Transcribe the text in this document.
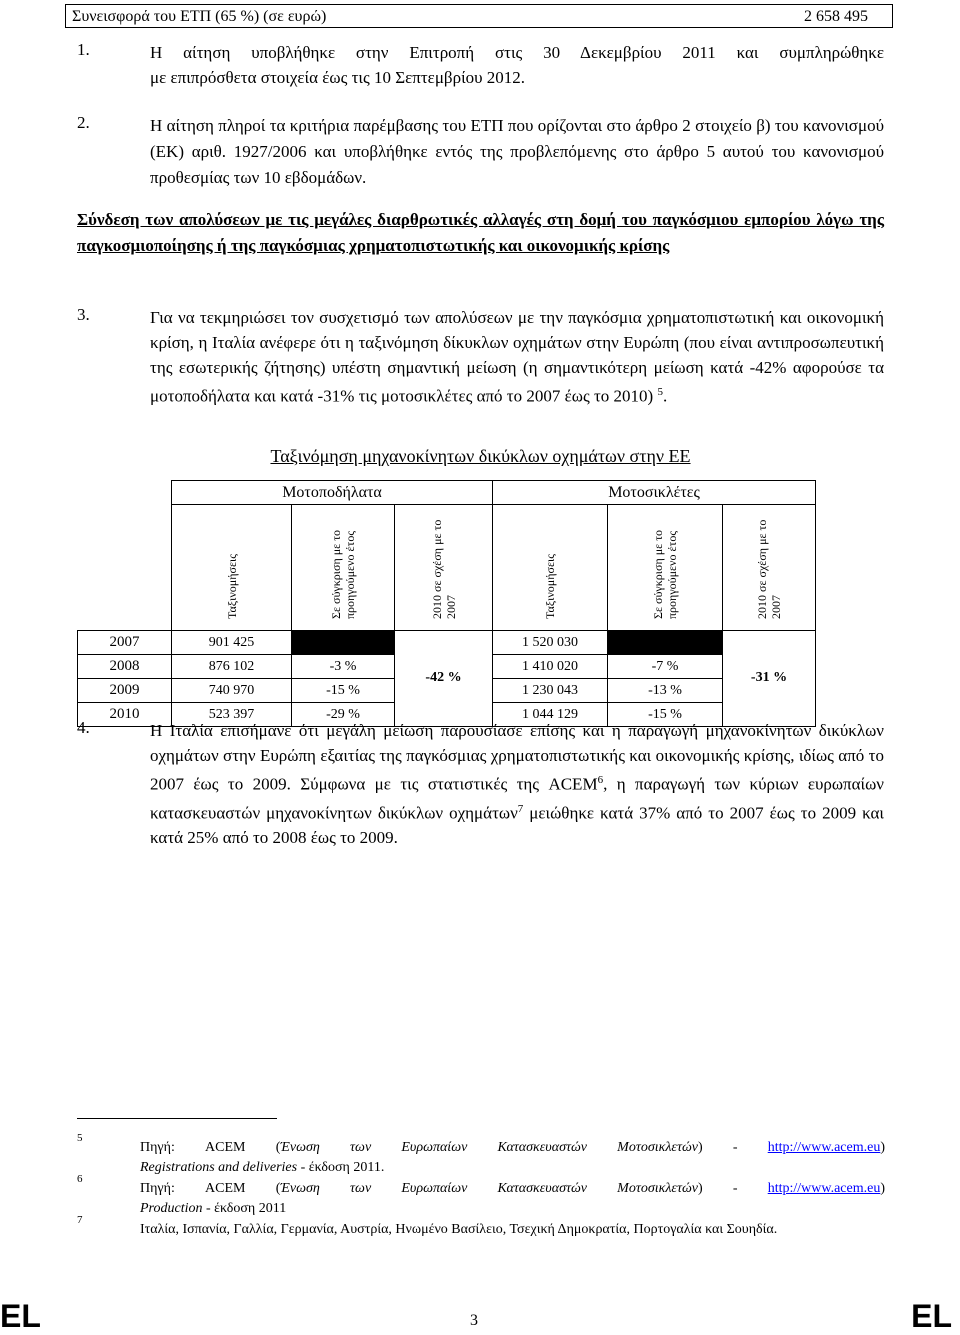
Συνεισφορά του ΕΤΠ (65 %) (σε ευρώ)	2 658 495
1.	Η αίτηση υποβλήθηκε στην Επιτροπή στις 30 Δεκεμβρίου 2011 και συμπληρώθηκε
με επιπρόσθετα στοιχεία έως τις 10 Σεπτεμβρίου 2012.
2.	Η αίτηση πληροί τα κριτήρια παρέμβασης του ΕΤΠ που ορίζονται στο άρθρο 2 στοιχείο β) του κανονισμού (ΕΚ) αριθ. 1927/2006 και υποβλήθηκε εντός της προβλεπόμενης στο άρθρο 5 αυτού του κανονισμού προθεσμίας των 10 εβδομάδων.
Σύνδεση των απολύσεων με τις μεγάλες διαρθρωτικές αλλαγές στη δομή του παγκόσμιου εμπορίου λόγω της παγκοσμιοποίησης ή της παγκόσμιας χρηματοπιστωτικής και οικονομικής κρίσης
3.	Για να τεκμηριώσει τον συσχετισμό των απολύσεων με την παγκόσμια χρηματοπιστωτική και οικονομική κρίση, η Ιταλία ανέφερε ότι η ταξινόμηση δίκυκλων οχημάτων στην Ευρώπη (που είναι αντιπροσωπευτική της εσωτερικής ζήτησης) υπέστη σημαντική μείωση (η σημαντικότερη μείωση κατά -42% αφορούσε τα μοτοποδήλατα και κατά -31% τις μοτοσικλέτες από το 2007 έως το 2010) $^5$.
Ταξινόμηση μηχανοκίνητων δικύκλων οχημάτων στην ΕΕ
	Μοτοποδήλατα			Μοτοσικλέτες		
	Ταξινομήσεις	Σε σύγκριση με το προηγούμενο έτος	2010 σε σχέση με το 2007	Ταξινομήσεις	Σε σύγκριση με το προηγούμενο έτος	2010 σε σχέση με το 2007
2007	901 425			1 520 030		
2008	876 102	-3 %	-42 %	1 410 020	-7 %	-31 %
2009	740 970	-15 %		1 230 043	-13 %	
2010	523 397	-29 %		1 044 129	-15 %	
4.	Η Ιταλία επισήμανε ότι μεγάλη μείωση παρουσίασε επίσης και η παραγωγή μηχανοκίνητων δικύκλων οχημάτων στην Ευρώπη εξαιτίας της παγκόσμιας χρηματοπιστωτικής και οικονομικής κρίσης, ιδίως από το 2007 έως το 2009. Σύμφωνα με τις στατιστικές της ACEM$^6$, η παραγωγή των κύριων ευρωπαίων κατασκευαστών μηχανοκίνητων δικύκλων οχημάτων$^7$ μειώθηκε κατά 37% από το 2007 έως το 2009 και κατά 25% από το 2008 έως το 2009.
5
Πηγή: ACEM (Ένωση των Ευρωπαίων Κατασκευαστών Μοτοσικλετών) - http://www.acem.eu)
Registrations and deliveries - έκδοση 2011.
6
Πηγή: ACEM (Ένωση των Ευρωπαίων Κατασκευαστών Μοτοσικλετών) - http://www.acem.eu)
Production - έκδοση 2011
7
Ιταλία, Ισπανία, Γαλλία, Γερμανία, Αυστρία, Ηνωμένο Βασίλειο, Τσεχική Δημοκρατία, Πορτογαλία και Σουηδία.
EL	3	EL
